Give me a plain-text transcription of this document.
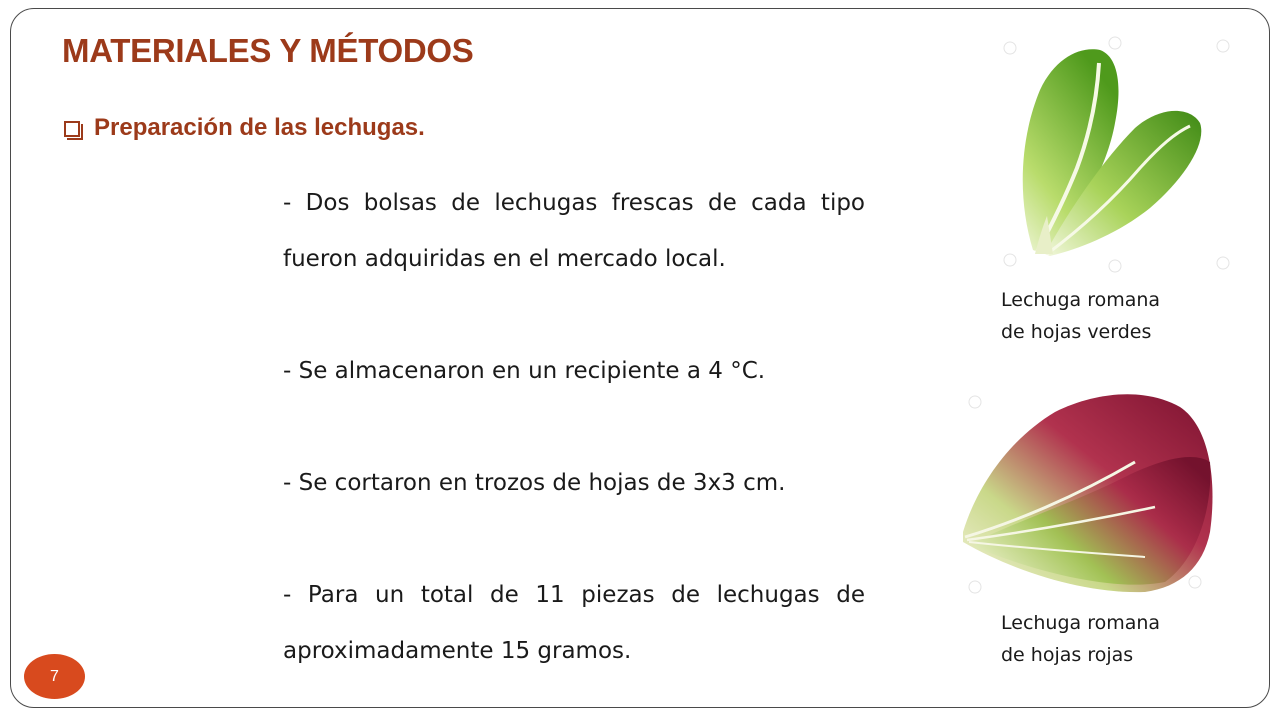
MATERIALES Y MÉTODOS
Preparación de las lechugas.

- Dos bolsas de lechugas frescas de cada tipo fueron adquiridas en el mercado local.

- Se almacenaron en un recipiente a 4 °C.

- Se cortaron en trozos de hojas de 3x3 cm.

- Para un total de 11 piezas de lechugas de aproximadamente 15 gramos.

Lechuga romana
de hojas verdes
Lechuga romana
de hojas rojas
7
